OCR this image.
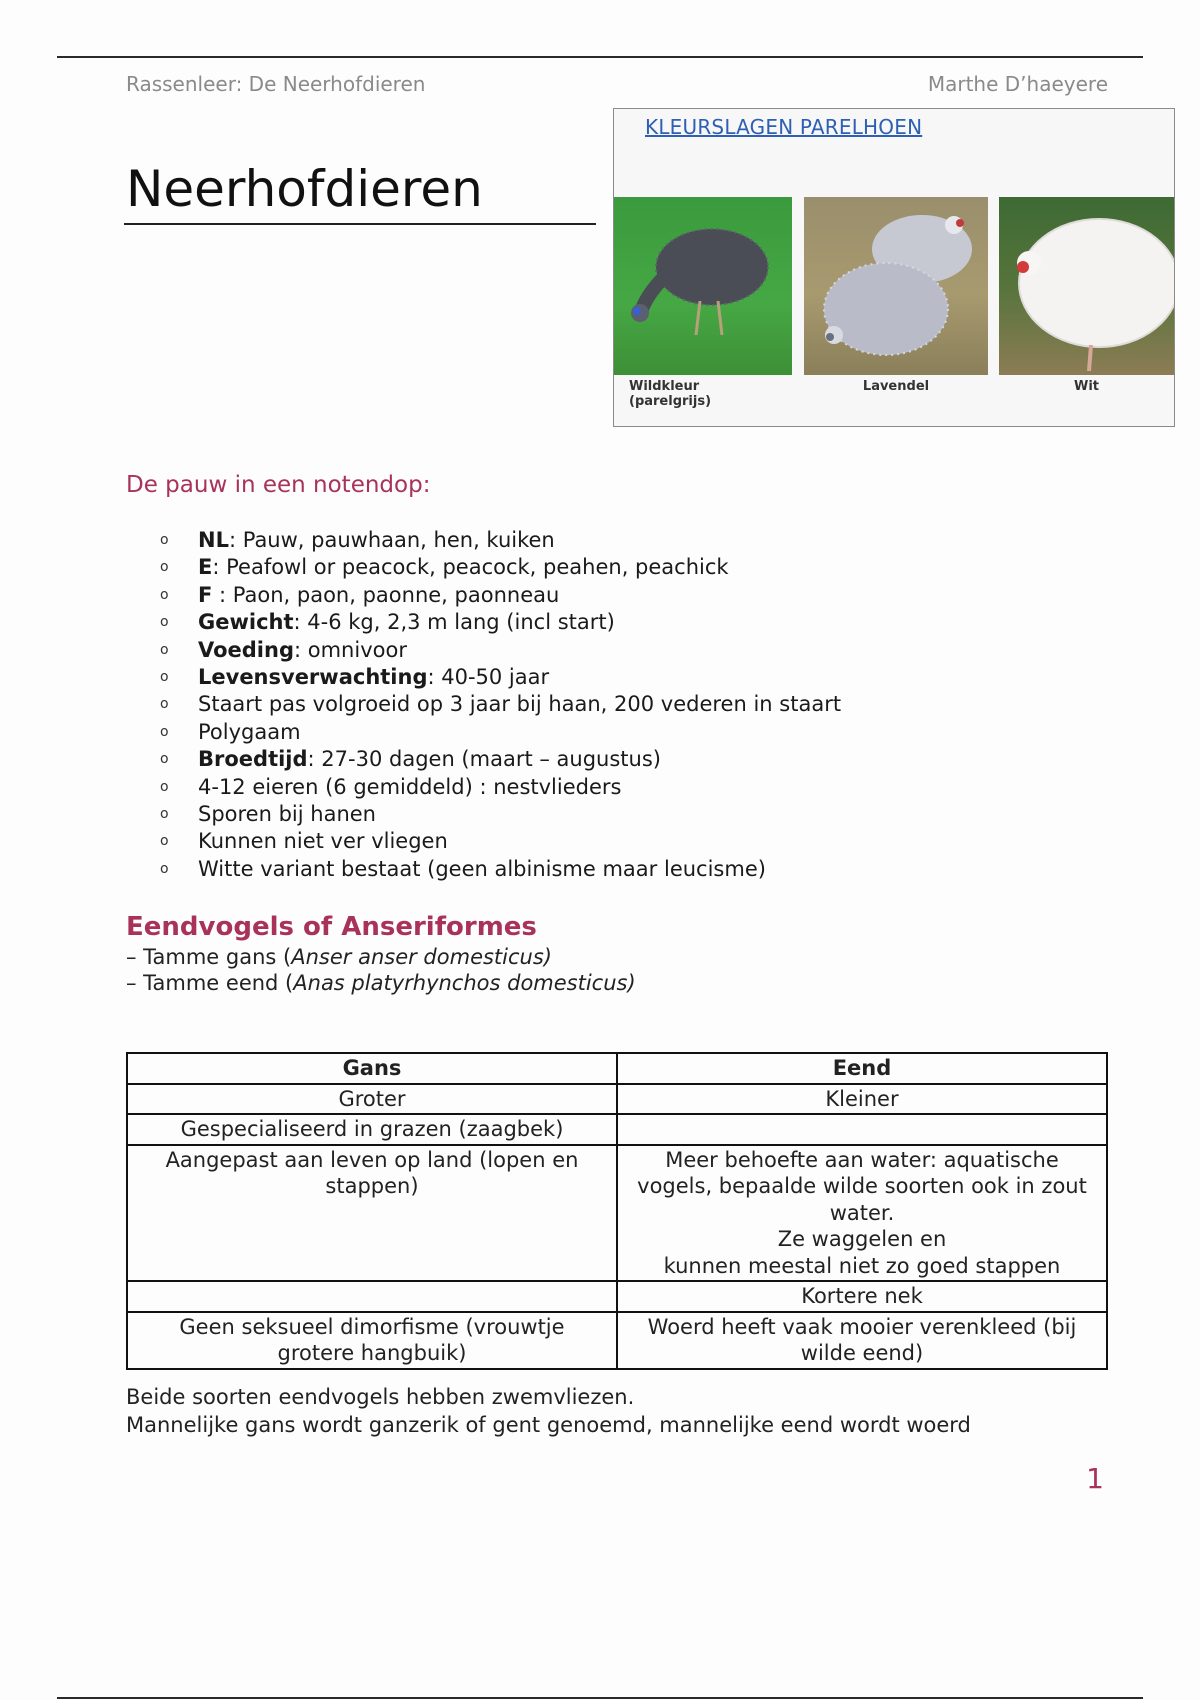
Rassenleer: De Neerhofdieren	Marthe D’haeyere
Neerhofdieren
KLEURSLAGEN PARELHOEN
Wildkleur (parelgrijs)
Lavendel	Wit
De pauw in een notendop:
o NL: Pauw, pauwhaan, hen, kuiken
o E: Peafowl or peacock, peacock, peahen, peachick
o F : Paon, paon, paonne, paonneau
o Gewicht: 4-6 kg, 2,3 m lang (incl start)
o Voeding: omnivoor
o Levensverwachting: 40-50 jaar
o Staart pas volgroeid op 3 jaar bij haan, 200 vederen in staart
o Polygaam
o Broedtijd: 27-30 dagen (maart – augustus)
o 4-12 eieren (6 gemiddeld) : nestvlieders
o Sporen bij hanen
o Kunnen niet ver vliegen
o Witte variant bestaat (geen albinisme maar leucisme)
Eendvogels of Anseriformes
– Tamme gans (Anser anser domesticus)
– Tamme eend (Anas platyrhynchos domesticus)
Gans	Eend
Groter	Kleiner
Gespecialiseerd in grazen (zaagbek)	
Aangepast aan leven op land (lopen en stappen)	Meer behoefte aan water: aquatische vogels, bepaalde wilde soorten ook in zout water.
Ze waggelen en
kunnen meestal niet zo goed stappen
	Kortere nek
Geen seksueel dimorfisme (vrouwtje grotere hangbuik)	Woerd heeft vaak mooier verenkleed (bij wilde eend)
Beide soorten eendvogels hebben zwemvliezen.
Mannelijke gans wordt ganzerik of gent genoemd, mannelijke eend wordt woerd
1
